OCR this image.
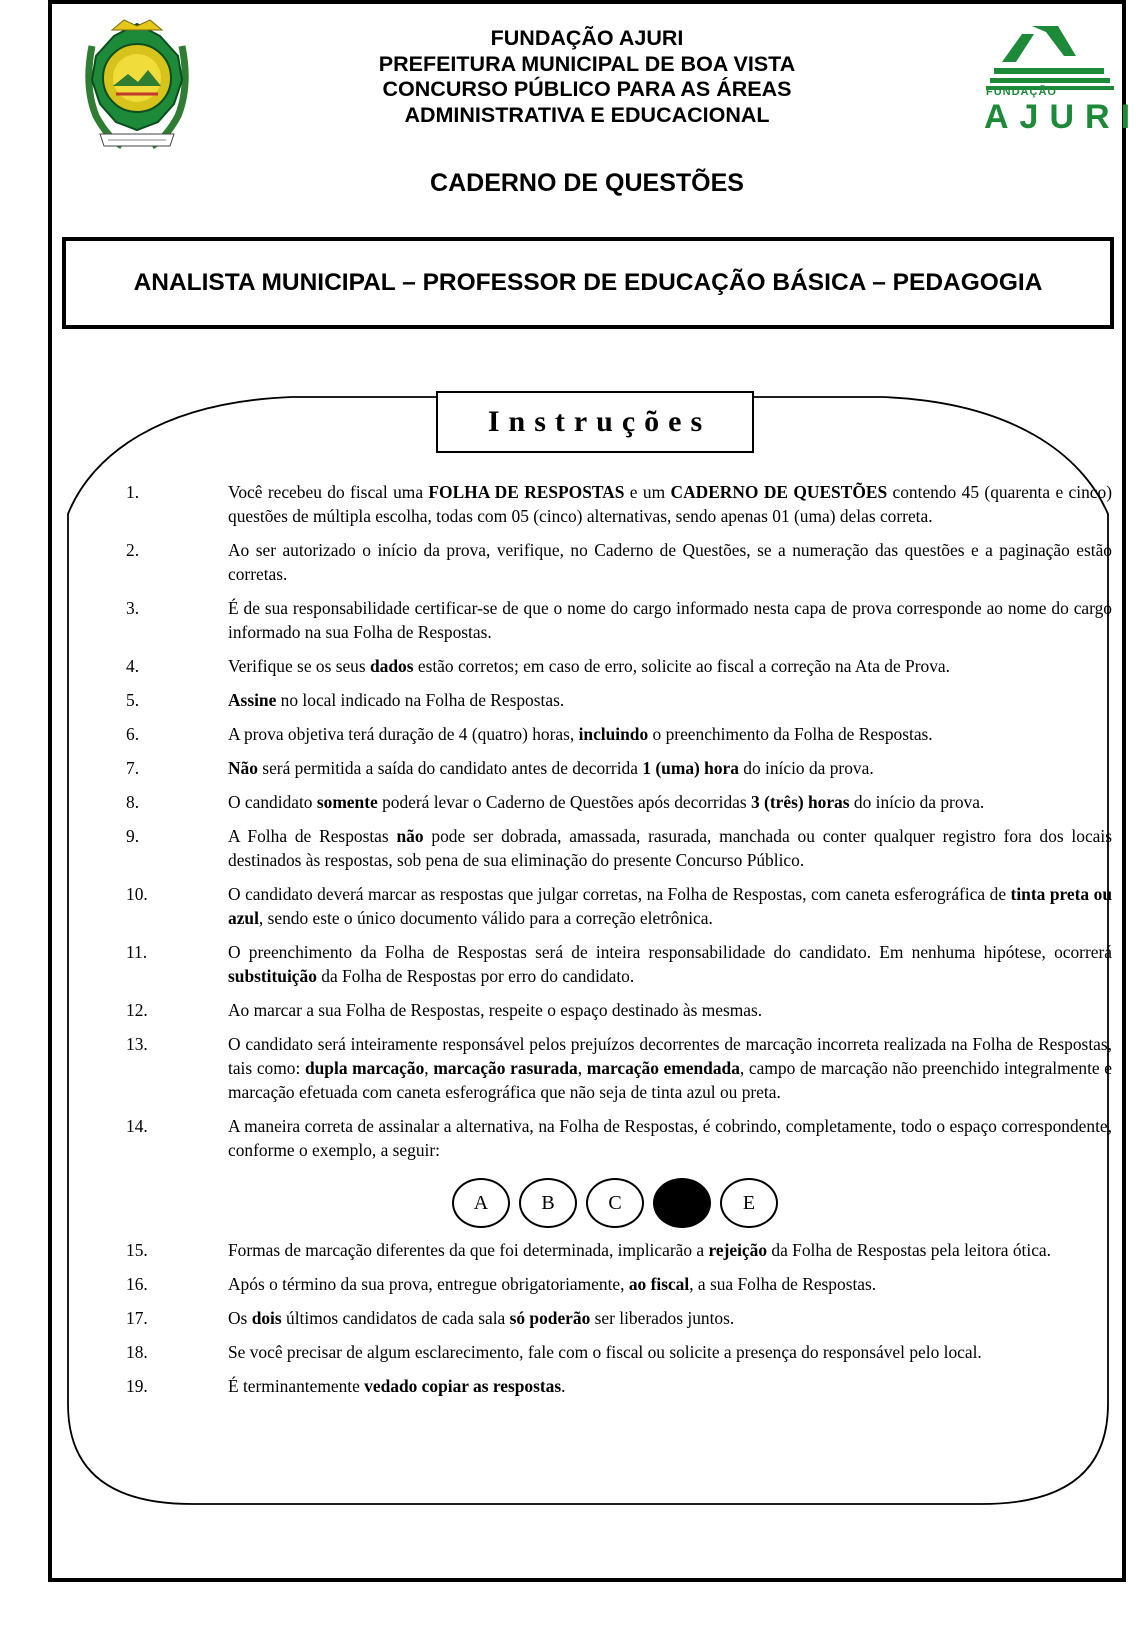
FUNDAÇÃO AJURI
PREFEITURA MUNICIPAL DE BOA VISTA
CONCURSO PÚBLICO PARA AS ÁREAS
ADMINISTRATIVA E EDUCACIONAL
FUNDAÇÃO
AJURI
CADERNO DE QUESTÕES
ANALISTA MUNICIPAL – PROFESSOR DE EDUCAÇÃO BÁSICA – PEDAGOGIA
Instruções
1.	Você recebeu do fiscal uma FOLHA DE RESPOSTAS e um CADERNO DE QUESTÕES contendo 45 (quarenta e cinco) questões de múltipla escolha, todas com 05 (cinco) alternativas, sendo apenas 01 (uma) delas correta.
2.	Ao ser autorizado o início da prova, verifique, no Caderno de Questões, se a numeração das questões e a paginação estão corretas.
3.	É de sua responsabilidade certificar-se de que o nome do cargo informado nesta capa de prova corresponde ao nome do cargo informado na sua Folha de Respostas.
4.	Verifique se os seus dados estão corretos; em caso de erro, solicite ao fiscal a correção na Ata de Prova.
5.	Assine no local indicado na Folha de Respostas.
6.	A prova objetiva terá duração de 4 (quatro) horas, incluindo o preenchimento da Folha de Respostas.
7.	Não será permitida a saída do candidato antes de decorrida 1 (uma) hora do início da prova.
8.	O candidato somente poderá levar o Caderno de Questões após decorridas 3 (três) horas do início da prova.
9.	A Folha de Respostas não pode ser dobrada, amassada, rasurada, manchada ou conter qualquer registro fora dos locais destinados às respostas, sob pena de sua eliminação do presente Concurso Público.
10.	O candidato deverá marcar as respostas que julgar corretas, na Folha de Respostas, com caneta esferográfica de tinta preta ou azul, sendo este o único documento válido para a correção eletrônica.
11.	O preenchimento da Folha de Respostas será de inteira responsabilidade do candidato. Em nenhuma hipótese, ocorrerá substituição da Folha de Respostas por erro do candidato.
12.	Ao marcar a sua Folha de Respostas, respeite o espaço destinado às mesmas.
13.	O candidato será inteiramente responsável pelos prejuízos decorrentes de marcação incorreta realizada na Folha de Respostas, tais como: dupla marcação, marcação rasurada, marcação emendada, campo de marcação não preenchido integralmente e marcação efetuada com caneta esferográfica que não seja de tinta azul ou preta.
14.	A maneira correta de assinalar a alternativa, na Folha de Respostas, é cobrindo, completamente, todo o espaço correspondente, conforme o exemplo, a seguir:
A	B	C	E
15.	Formas de marcação diferentes da que foi determinada, implicarão a rejeição da Folha de Respostas pela leitora ótica.
16.	Após o término da sua prova, entregue obrigatoriamente, ao fiscal, a sua Folha de Respostas.
17.	Os dois últimos candidatos de cada sala só poderão ser liberados juntos.
18.	Se você precisar de algum esclarecimento, fale com o fiscal ou solicite a presença do responsável pelo local.
19.	É terminantemente vedado copiar as respostas.
